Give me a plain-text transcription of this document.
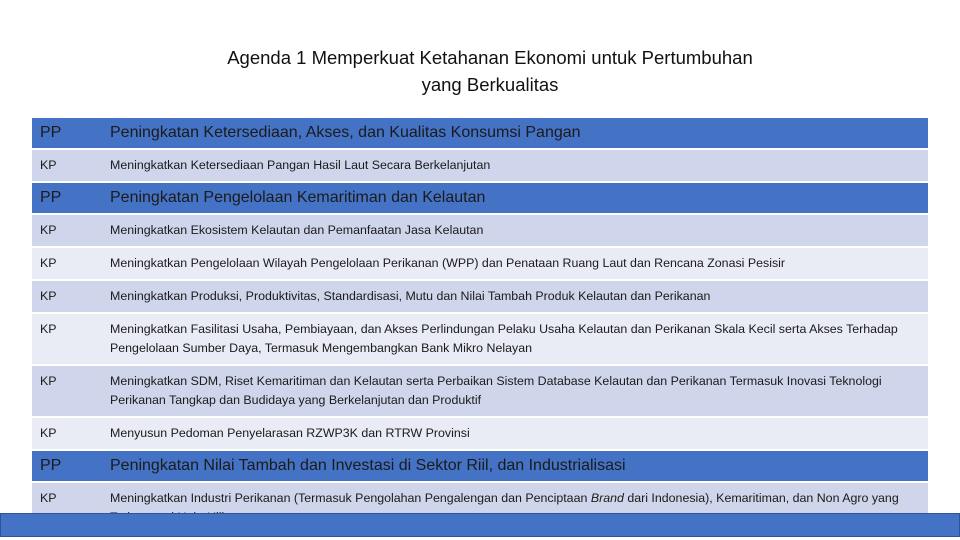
Agenda 1 Memperkuat Ketahanan Ekonomi untuk Pertumbuhan
yang Berkualitas
PP	Peningkatan Ketersediaan, Akses, dan Kualitas Konsumsi Pangan

KP	Meningkatkan Ketersediaan Pangan Hasil Laut Secara Berkelanjutan

PP	Peningkatan Pengelolaan Kemaritiman dan Kelautan

KP	Meningkatkan Ekosistem Kelautan dan Pemanfaatan Jasa Kelautan

KP	Meningkatkan Pengelolaan Wilayah Pengelolaan Perikanan (WPP) dan Penataan Ruang Laut dan Rencana Zonasi Pesisir

KP	Meningkatkan Produksi, Produktivitas, Standardisasi, Mutu dan Nilai Tambah Produk Kelautan dan Perikanan

KP	Meningkatkan Fasilitasi Usaha, Pembiayaan, dan Akses Perlindungan Pelaku Usaha Kelautan dan Perikanan Skala Kecil serta Akses Terhadap Pengelolaan Sumber Daya, Termasuk Mengembangkan Bank Mikro Nelayan

KP	Meningkatkan SDM, Riset Kemaritiman dan Kelautan serta Perbaikan Sistem Database Kelautan dan Perikanan Termasuk Inovasi Teknologi Perikanan Tangkap dan Budidaya yang Berkelanjutan dan Produktif

KP	Menyusun Pedoman Penyelarasan RZWP3K dan RTRW Provinsi

PP	Peningkatan Nilai Tambah dan Investasi di Sektor Riil, dan Industrialisasi

KP	Meningkatkan Industri Perikanan (Termasuk Pengolahan Pengalengan dan Penciptaan Brand dari Indonesia), Kemaritiman, dan Non Agro yang
